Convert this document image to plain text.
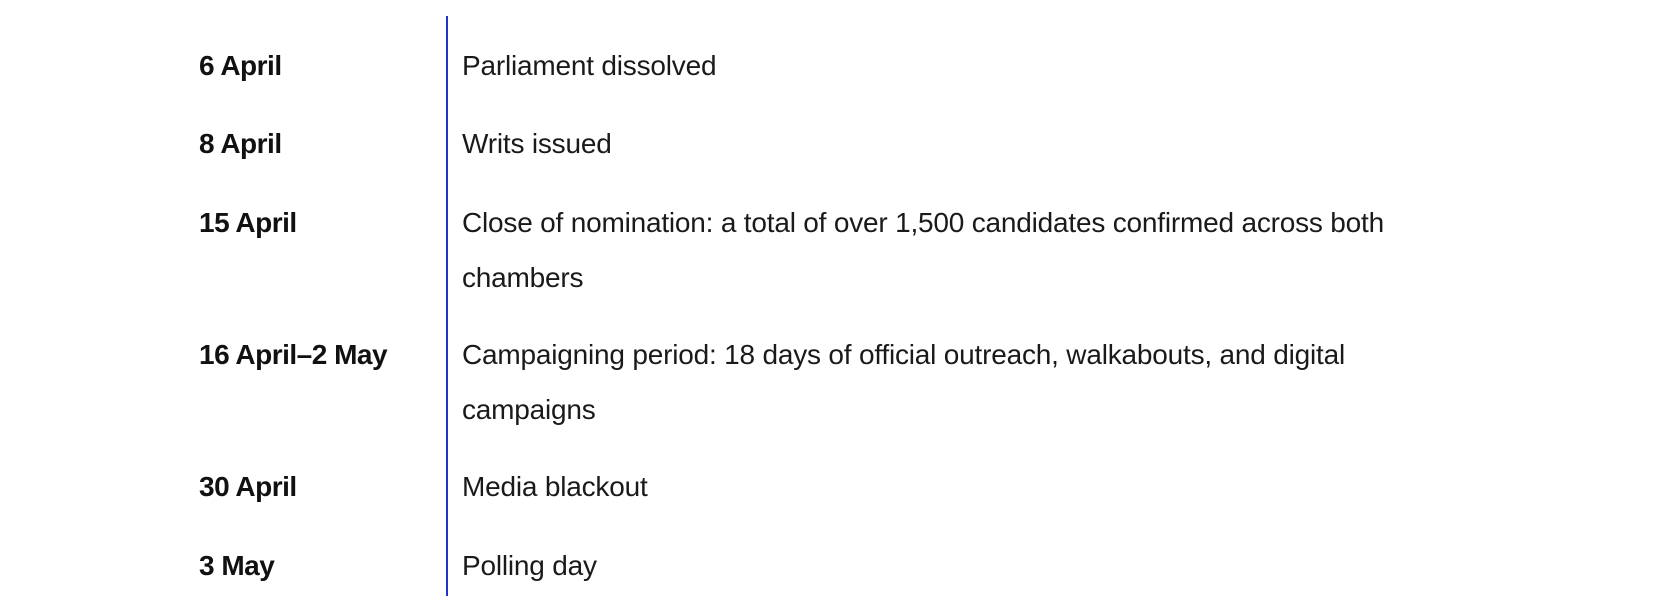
6 April	Parliament dissolved
8 April	Writs issued
15 April	Close of nomination: a total of over 1,500 candidates confirmed across both chambers
16 April–2 May	Campaigning period: 18 days of official outreach, walkabouts, and digital campaigns
30 April	Media blackout
3 May	Polling day
